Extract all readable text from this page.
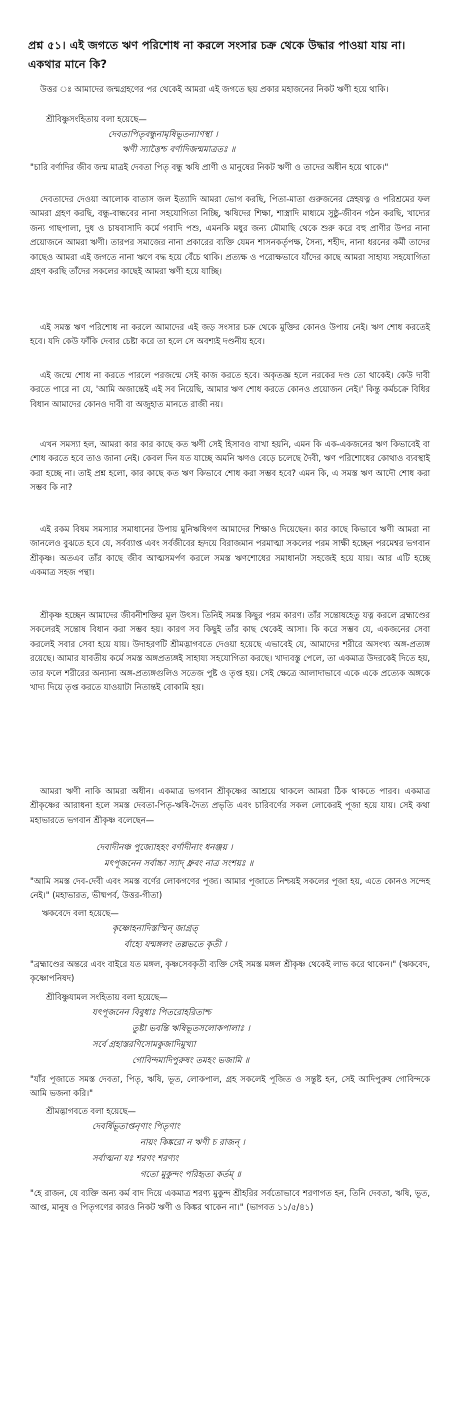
প্রশ্ন ৫১। এই জগতে ঋণ পরিশোধ না করলে সংসার চক্র থেকে উদ্ধার পাওয়া যায় না। একথার মানে কি?
উত্তর ঃ আমাদের জন্মগ্রহণের পর থেকেই আমরা এই জগতে ছয় প্রকার মহাজনের নিকট ঋণী হয়ে থাকি।
শ্রীবিষ্ণুসংহিতায় বলা হয়েছে—
দেবতাপিতৃবন্ধুনামৃষিভূতন্যাণস্থা ।
ঋণী স্যাত্তৈশ্চ বর্ণাদিজন্মমাত্রতঃ ॥
"চারি বর্ণাদির জীব জন্ম মাত্রই দেবতা পিতৃ বন্ধু ঋষি প্রাণী ও মানুষের নিকট ঋণী ও তাদের অধীন হয়ে থাকে।"
দেবতাদের দেওয়া আলোক বাতাস জল ইত্যাদি আমরা ভোগ করছি, পিতা-মাতা গুরুজনের স্নেহযত্ন ও পরিশ্রমের ফল আমরা গ্রহণ করছি, বন্ধু-বান্ধবের নানা সহযোগিতা নিচ্ছি, ঋষিদের শিক্ষা, শাস্ত্রাদি মাধ্যমে সুষ্ঠু-জীবন গঠন করছি, খাদ্যের জন্য গাছপালা, দুধ ও চাষবাসাদি কর্মে গবাদি পশু, এমনকি মধুর জন্য মৌমাছি থেকে শুরু করে বহু প্রাণীর উপর নানা প্রয়োজনে আমরা ঋণী। তারপর সমাজের নানা প্রকারের ব্যক্তি যেমন শাসনকর্তৃপক্ষ, সৈন্য, শহীদ, নানা ধরনের কর্মী তাদের কাছেও আমরা এই জগতে নানা ঋণে বদ্ধ হয়ে বেঁচে থাকি। প্রত্যক্ষ ও পরোক্ষভাবে যাঁদের কাছে আমরা সাহায্য সহযোগিতা গ্রহণ করছি তাঁদের সকলের কাছেই আমরা ঋণী হয়ে যাচ্ছি।
এই সমস্ত ঋণ পরিশোধ না করলে আমাদের এই জড় সংসার চক্র থেকে মুক্তির কোনও উপায় নেই। ঋণ শোধ করতেই হবে। যদি কেউ ফাঁকি দেবার চেষ্টা করে তা হলে সে অবশ্যই দণ্ডনীয় হবে।
এই জন্মে শোধ না করতে পারলে পরজন্মে সেই কাজ করতে হবে। অকৃতজ্ঞ হলে নরকের দণ্ড তো থাকেই। কেউ দাবী করতে পারে না যে, 'আমি অজান্তেই এই সব নিয়েছি, আমার ঋণ শোধ করতে কোনও প্রয়োজন নেই।' কিন্তু কর্মচক্রে বিধির বিধান আমাদের কোনও দাবী বা অজুহাত মানতে রাজী নয়।
এখন সমস্যা হল, আমরা কার কার কাছে কত ঋণী সেই হিসাবও বাখা হয়নি, এমন কি এক-একজনের ঋণ কিভাবেই বা শোধ করতে হবে তাও জানা নেই। কেবল দিন যত যাচ্ছে অমনি ঋণও বেড়ে চলেছে দৈবী, ঋণ পরিশোধের কোথাও ব্যবস্থাই করা হচ্ছে না। তাই প্রশ্ন হলো, কার কাছে কত ঋণ কিভাবে শোধ করা সম্ভব হবে? এমন কি, এ সমস্ত ঋণ আদৌ শোধ করা সম্ভব কি না?
এই রকম বিষম সমস্যার সমাধানের উপায় মুনিঋষিগণ আমাদের শিক্ষাও দিয়েছেন। কার কাছে কিভাবে ঋণী আমরা না জানলেও বুঝতে হবে যে, সর্বব্যাপ্ত এবং সর্বজীবের হৃদয়ে বিরাজমান পরমাত্মা সকলের পরম সাক্ষী হচ্ছেন পরমেশ্বর ভগবান শ্রীকৃষ্ণ। অতএব তাঁর কাছে জীব আত্মসমর্পণ করলে সমস্ত ঋণশোধের সমাধানটা সহজেই হয়ে যায়। আর এটি হচ্ছে একমাত্র সহজ পন্থা।
শ্রীকৃষ্ণ হচ্ছেন আমাদের জীবনীশক্তির মূল উৎস। তিনিই সমস্ত কিছুর পরম কারণ। তাঁর সন্তোষহেতু যত্ন করলে ব্রহ্মাণ্ডের সকলেরই সন্তোষ বিধান করা সম্ভব হয়। কারণ সব কিছুই তাঁর কাছ থেকেই আসা। কি করে সম্ভব যে, একজনের সেবা করলেই সবার সেবা হয়ে যায়। উদাহরণটি শ্রীমদ্ভাগবতে দেওয়া হয়েছে এভাবেই যে, আমাদের শরীরে অসংখ্য অঙ্গ-প্রত্যঙ্গ রয়েছে। আমার যাবতীয় কর্মে সমস্ত অঙ্গপ্রত্যঙ্গই সাহায্য সহযোগিতা করছে। খাদ্যবস্তু পেলে, তা একমাত্র উদরকেই দিতে হয়, তার ফলে শরীরের অন্যান্য অঙ্গ-প্রত্যঙ্গগুলিও সতেজ পুষ্ট ও তৃপ্ত হয়। সেই ক্ষেত্রে আলাদাভাবে একে একে প্রত্যেক অঙ্গকে খাদ্য দিয়ে তৃপ্ত করতে যাওয়াটা নিতান্তই বোকামি হয়।
আমরা ঋণী নাকি আমরা অধীন। একমাত্র ভগবান শ্রীকৃষ্ণের আশ্রয়ে থাকলে আমরা ঠিক থাকতে পারব। একমাত্র শ্রীকৃষ্ণের আরাধনা হলে সমস্ত দেবতা-পিতৃ-ঋষি-দৈত্য প্রভৃতি এবং চারিবর্ণের সকল লোকেরই পূজা হয়ে যায়। সেই কথা মহাভারতে ভগবান শ্রীকৃষ্ণ বলেছেন—
দেবাদীনঞ্চ পুজ্যোহহং বর্ণাদীনাং ধনঞ্জয় ।
মৎপূজনেন সর্বাচ্চা স্যাদ্ ধ্রুবং নাত্র সংশয়ঃ ॥
"আমি সমস্ত দেব-দেবী এবং সমস্ত বর্ণের লোকগণের পূজ্য। আমার পূজাতে নিশ্চয়ই সকলের পূজা হয়, এতে কোনও সন্দেহ নেই।" (মহাভারত, ভীষ্মপর্ব, উত্তর-গীতা)
ঋকবেদে বলা হয়েছে—
কৃষ্ণোহনাদিস্তস্মিন্ জাগ্রত্
র্বাহ্যে যন্মঙ্গলং তল্লভতে কৃতী ।
"ব্রহ্মাণ্ডের অন্তরে এবং বাইরে যত মঙ্গল, কৃষ্ণসেবকৃতী ব্যক্তি সেই সমস্ত মঙ্গল শ্রীকৃষ্ণ থেকেই লাভ করে থাকেন।" (ঋকবেদ, কৃষ্ণোপনিষদ)
শ্রীবিষ্ণুযামল সংহিতায় বলা হয়েছে—
যৎপূজনেন বিবুধাঃ পিতরোহরিতাশ্চ
তুষ্টা ভবন্তি ঋষিভূতসলোকপালাঃ ।
সর্বে গ্রহাস্তরণিসোমকুজাদিমুখ্যা
গোবিন্দমাদিপুরুষং তমহং ভজামি ॥
"যাঁর পূজাতে সমস্ত দেবতা, পিতৃ, ঋষি, ভূত, লোকপাল, গ্রহ সকলেই পূজিত ও সন্তুষ্ট হন, সেই আদিপুরুষ গোবিন্দকে আমি ভজনা করি।"
শ্রীমদ্ভাগবতে বলা হয়েছে—
দেবর্ষিভূতাপ্তনৃণাং পিতৃণাং
নায়ং কিঙ্করো ন ঋণী চ রাজন্ ।
সর্বাত্মনা যঃ শরণং শরণ্যং
গতো মুকুন্দং পরিহৃত্য কর্তম্ ॥
"হে রাজন, যে ব্যক্তি অন্য কর্ম বাদ দিয়ে একমাত্র শরণ্য মুকুন্দ শ্রীহরির সর্বতোভাবে শরণাগত হন, তিনি দেবতা, ঋষি, ভূত, আপ্ত, মানুষ ও পিতৃগণের কারও নিকট ঋণী ও কিঙ্কর থাকেন না।" (ভাগবত ১১/৫/৪১)
